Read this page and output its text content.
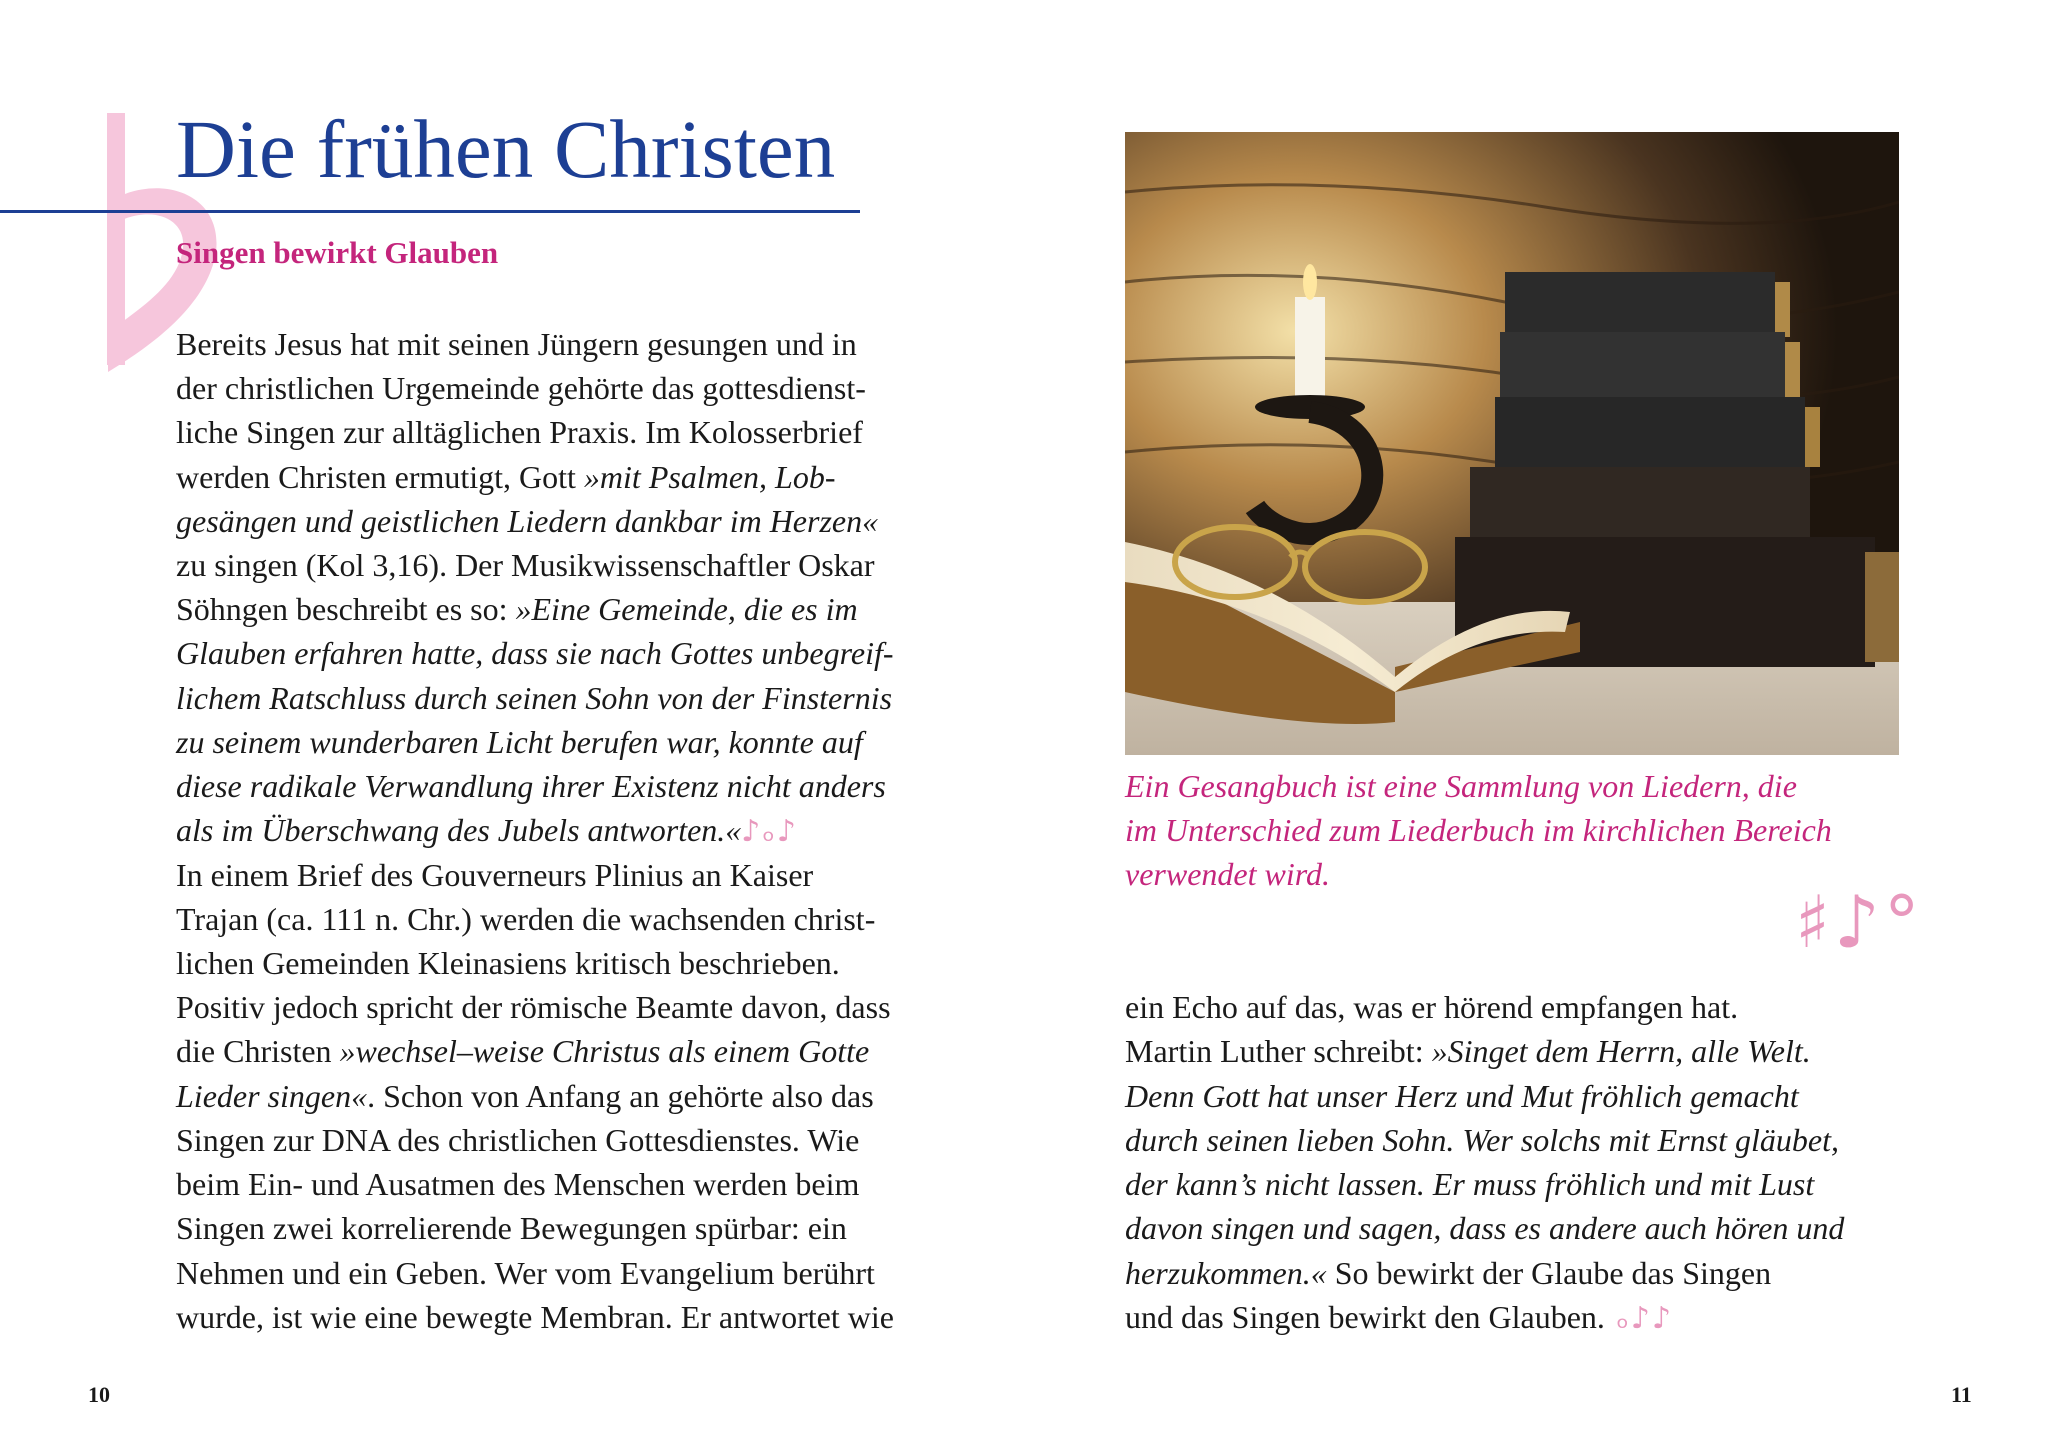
Die frühen Christen
Singen bewirkt Glauben

Bereits Jesus hat mit seinen Jüngern gesungen und in

der christlichen Urgemeinde gehörte das gottesdienst-

liche Singen zur alltäglichen Praxis. Im Kolosserbrief

werden Christen ermutigt, Gott »mit Psalmen, Lob-

gesängen und geistlichen Liedern dankbar im Herzen«

zu singen (Kol 3,16). Der Musikwissenschaftler Oskar

Söhngen beschreibt es so: »Eine Gemeinde, die es im

Glauben erfahren hatte, dass sie nach Gottes unbegreif-

lichem Ratschluss durch seinen Sohn von der Finsternis

zu seinem wunderbaren Licht berufen war, konnte auf

diese radikale Verwandlung ihrer Existenz nicht anders

als im Überschwang des Jubels antworten.«♪ₒ♪

In einem Brief des Gouverneurs Plinius an Kaiser

Trajan (ca. 111 n. Chr.) werden die wachsenden christ-

lichen Gemeinden Kleinasiens kritisch beschrieben.

Positiv jedoch spricht der römische Beamte davon, dass

die Christen »wechsel–weise Christus als einem Gotte

Lieder singen«. Schon von Anfang an gehörte also das

Singen zur DNA des christlichen Gottesdienstes. Wie

beim Ein- und Ausatmen des Menschen werden beim

Singen zwei korrelierende Bewegungen spürbar: ein

Nehmen und ein Geben. Wer vom Evangelium berührt

wurde, ist wie eine bewegte Membran. Er antwortet wie

10

Ein Gesangbuch ist eine Sammlung von Liedern, die

im Unterschied zum Liederbuch im kirchlichen Bereich

verwendet wird.

♯♪°

ein Echo auf das, was er hörend empfangen hat.

Martin Luther schreibt: »Singet dem Herrn, alle Welt.

Denn Gott hat unser Herz und Mut fröhlich gemacht

durch seinen lieben Sohn. Wer solchs mit Ernst gläubet,

der kann’s nicht lassen. Er muss fröhlich und mit Lust

davon singen und sagen, dass es andere auch hören und

herzukommen.« So bewirkt der Glaube das Singen

und das Singen bewirkt den Glauben. ₒ♪♪

11
